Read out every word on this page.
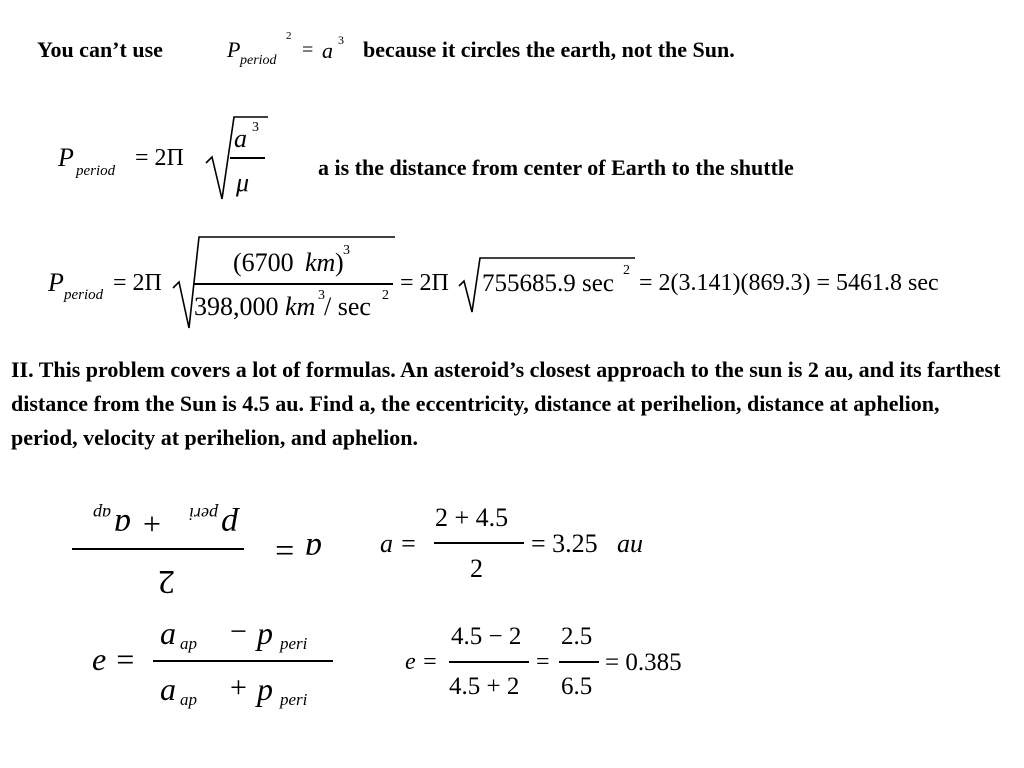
You can’t use	P period
2
= a 3 because it circles the earth, not the Sun.
P period = 2Π
a 3
μ
a is the distance from center of Earth to the shuttle
P period = 2Π
(6700 km ) 3
398,000 km 3 / sec 2 = 2Π 755685.9 sec 2 = 2(3.141)(869.3) = 5461.8 sec
II. This problem covers a lot of formulas. An asteroid’s closest approach to the sun is 2 au, and its farthest distance from the Sun is 4.5 au. Find a, the eccentricity, distance at perihelion, distance at aphelion, period, velocity at perihelion, and aphelion.
a =
2
p
peri
+
a
ap
a =
2 + 4.5
2
= 3.25 au
e =
a ap − p peri
a ap + p peri
e =
4.5 − 2
4.5 + 2
=
2.5
6.5
= 0.385
